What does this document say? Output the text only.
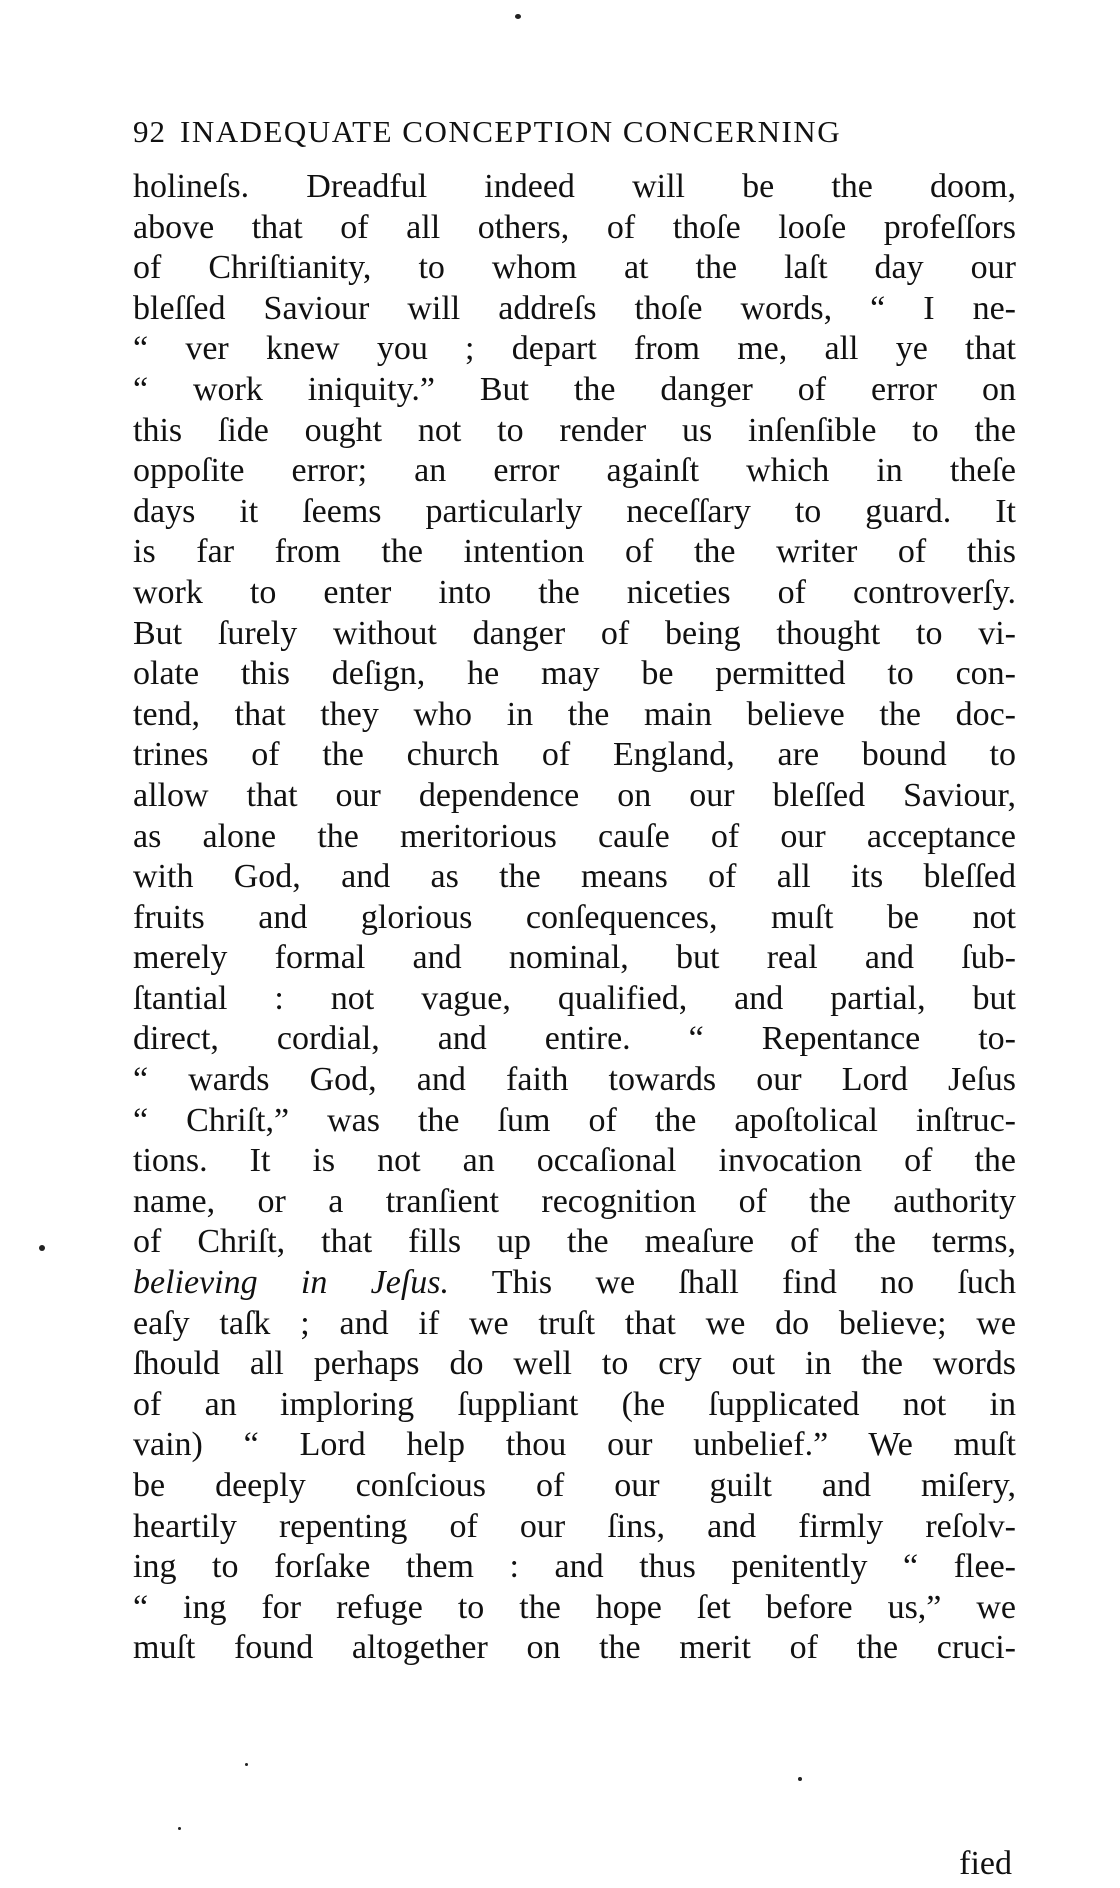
92 INADEQUATE CONCEPTION CONCERNING
holineſs. Dreadful indeed will be the doom,
above that of all others, of thoſe looſe profeſſors
of Chriſtianity, to whom at the laſt day our
bleſſed Saviour will addreſs thoſe words, “ I ne-
“ ver knew you ; depart from me, all ye that
“ work iniquity.” But the danger of error on
this ſide ought not to render us inſenſible to the
oppoſite error; an error againſt which in theſe
days it ſeems particularly neceſſary to guard. It
is far from the intention of the writer of this
work to enter into the niceties of controverſy.
But ſurely without danger of being thought to vi-
olate this deſign, he may be permitted to con-
tend, that they who in the main believe the doc-
trines of the church of England, are bound to
allow that our dependence on our bleſſed Saviour,
as alone the meritorious cauſe of our acceptance
with God, and as the means of all its bleſſed
fruits and glorious conſequences, muſt be not
merely formal and nominal, but real and ſub-
ſtantial : not vague, qualified, and partial, but
direct, cordial, and entire. “ Repentance to-
“ wards God, and faith towards our Lord Jeſus
“ Chriſt,” was the ſum of the apoſtolical inſtruc-
tions. It is not an occaſional invocation of the
name, or a tranſient recognition of the authority
of Chriſt, that fills up the meaſure of the terms,
believing in Jeſus. This we ſhall find no ſuch
eaſy taſk ; and if we truſt that we do believe; we
ſhould all perhaps do well to cry out in the words
of an imploring ſuppliant (he ſupplicated not in
vain) “ Lord help thou our unbelief.” We muſt
be deeply conſcious of our guilt and miſery,
heartily repenting of our ſins, and firmly reſolv-
ing to forſake them : and thus penitently “ flee-
“ ing for refuge to the hope ſet before us,” we
muſt found altogether on the merit of the cruci-
fied
